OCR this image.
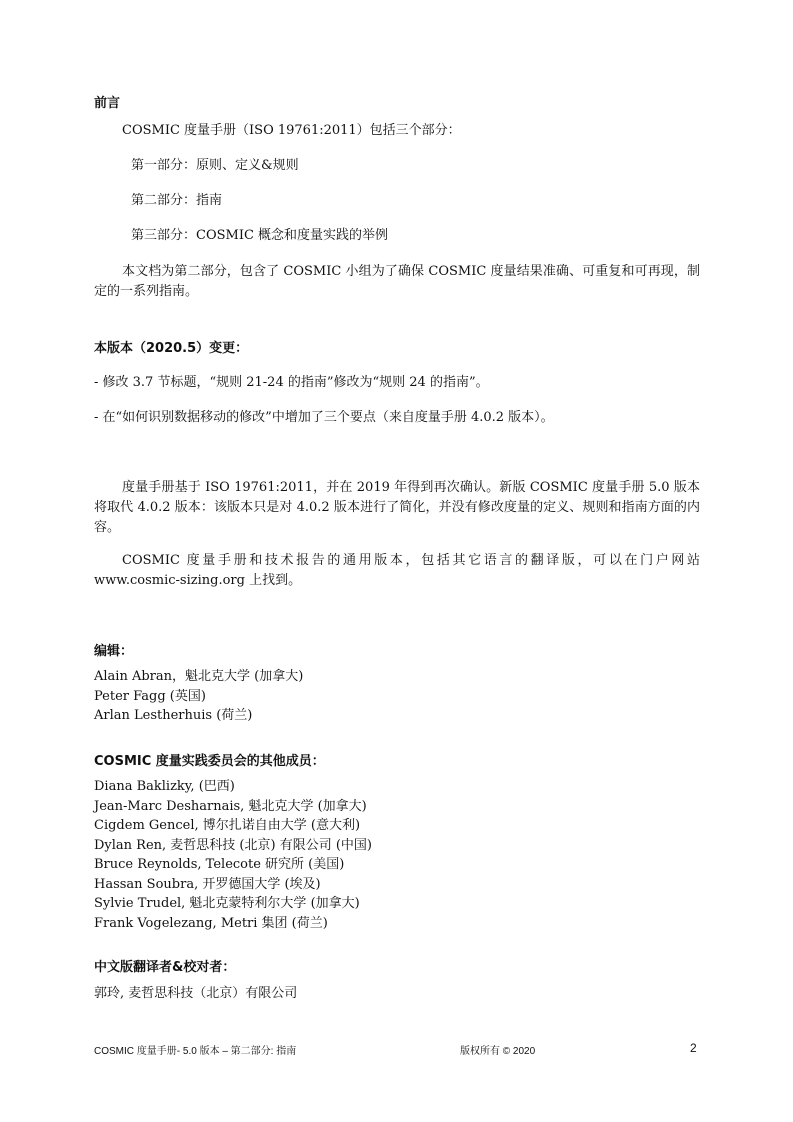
前言
COSMIC 度量手册（ISO 19761:2011）包括三个部分：
第一部分：原则、定义&规则
第二部分：指南
第三部分：COSMIC 概念和度量实践的举例
本文档为第二部分，包含了 COSMIC 小组为了确保 COSMIC 度量结果准确、可重复和可再现，制定的一系列指南。
本版本（2020.5）变更：
- 修改 3.7 节标题，“规则 21-24 的指南”修改为“规则 24 的指南”。
- 在“如何识别数据移动的修改”中增加了三个要点（来自度量手册 4.0.2 版本）。
度量手册基于 ISO 19761:2011，并在 2019 年得到再次确认。新版 COSMIC 度量手册 5.0 版本将取代 4.0.2 版本：该版本只是对 4.0.2 版本进行了简化，并没有修改度量的定义、规则和指南方面的内容。
COSMIC 度量手册和技术报告的通用版本，包括其它语言的翻译版，可以在门户网站 www.cosmic-sizing.org 上找到。
编辑：
Alain Abran，魁北克大学 (加拿大)
Peter Fagg (英国)
Arlan Lestherhuis (荷兰)
COSMIC 度量实践委员会的其他成员：
Diana Baklizky, (巴西)
Jean-Marc Desharnais, 魁北克大学 (加拿大)
Cigdem Gencel, 博尔扎诺自由大学 (意大利)
Dylan Ren, 麦哲思科技 (北京) 有限公司 (中国)
Bruce Reynolds, Telecote 研究所 (美国)
Hassan Soubra, 开罗德国大学 (埃及)
Sylvie Trudel, 魁北克蒙特利尔大学 (加拿大)
Frank Vogelezang, Metri 集团 (荷兰)
中文版翻译者&校对者：
郭玲, 麦哲思科技（北京）有限公司
COSMIC 度量手册- 5.0 版本 – 第二部分: 指南	版权所有 © 2020	2
